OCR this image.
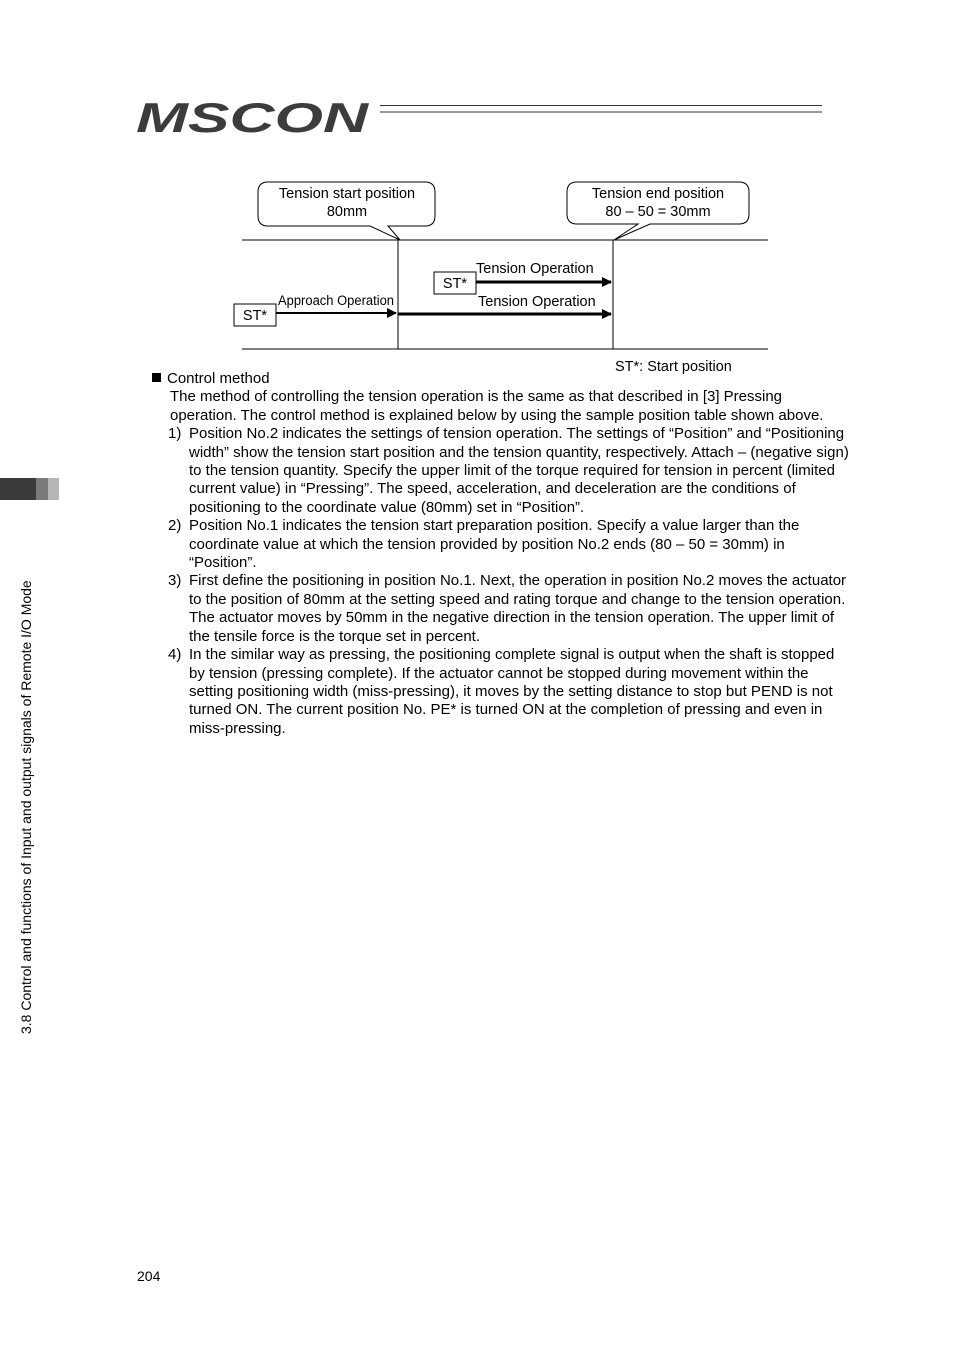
MSCON
Tension start position
80mm
Tension end position
80 – 50 = 30mm
ST*
Approach Operation
ST*
Tension Operation
Tension Operation
ST*: Start position

Control method

The method of controlling the tension operation is the same as that described in [3] Pressing operation. The control method is explained below by using the sample position table shown above.

1) Position No.2 indicates the settings of tension operation. The settings of “Position” and “Positioning width” show the tension start position and the tension quantity, respectively. Attach – (negative sign) to the tension quantity. Specify the upper limit of the torque required for tension in percent (limited current value) in “Pressing”. The speed, acceleration, and deceleration are the conditions of positioning to the coordinate value (80mm) set in “Position”.
2) Position No.1 indicates the tension start preparation position. Specify a value larger than the coordinate value at which the tension provided by position No.2 ends (80 – 50 = 30mm) in “Position”.
3) First define the positioning in position No.1. Next, the operation in position No.2 moves the actuator to the position of 80mm at the setting speed and rating torque and change to the tension operation. The actuator moves by 50mm in the negative direction in the tension operation. The upper limit of the tensile force is the torque set in percent.
4) In the similar way as pressing, the positioning complete signal is output when the shaft is stopped by tension (pressing complete). If the actuator cannot be stopped during movement within the setting positioning width (miss-pressing), it moves by the setting distance to stop but PEND is not turned ON. The current position No. PE* is turned ON at the completion of pressing and even in miss-pressing.
3.8 Control and functions of Input and output signals of Remote I/O Mode
204
